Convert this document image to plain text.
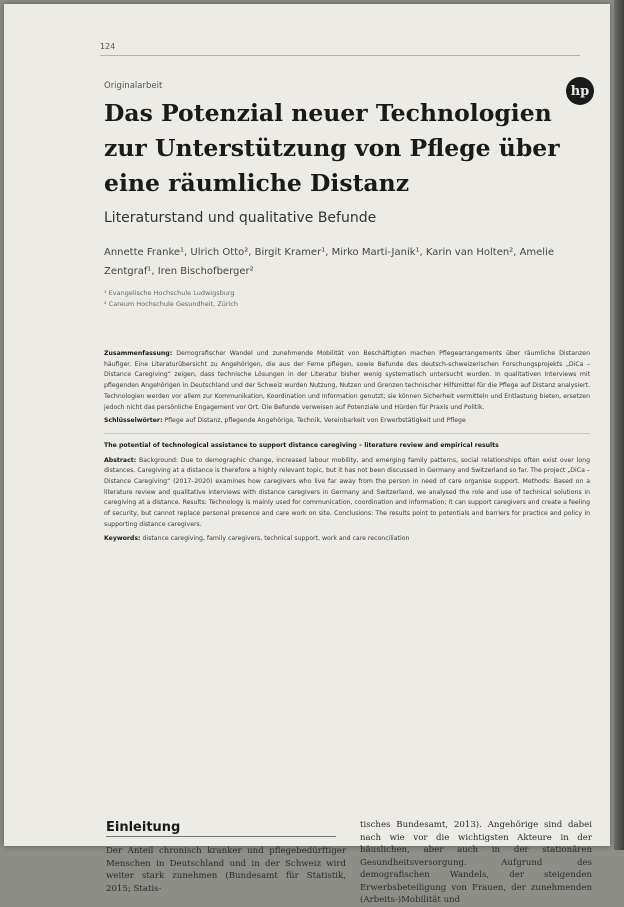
124
Originalarbeit	hp
Das Potenzial neuer Technologien zur Unterstützung von Pflege über eine räumliche Distanz
Literaturstand und qualitative Befunde
Annette Franke¹, Ulrich Otto², Birgit Kramer¹, Mirko Marti-Janik¹, Karin van Holten², Amelie Zentgraf¹, Iren Bischofberger²
¹ Evangelische Hochschule Ludwigsburg
² Careum Hochschule Gesundheit, Zürich

Zusammenfassung: Demografischer Wandel und zunehmende Mobilität von Beschäftigten machen Pflegearrangements über räumliche Distanzen häufiger. Eine Literaturübersicht zu Angehörigen, die aus der Ferne pflegen, sowie Befunde des deutsch-schweizerischen Forschungsprojekts „DiCa – Distance Caregiving“ zeigen, dass technische Lösungen in der Literatur bisher wenig systematisch untersucht wurden. In qualitativen Interviews mit pflegenden Angehörigen in Deutschland und der Schweiz wurden Nutzung, Nutzen und Grenzen technischer Hilfsmittel für die Pflege auf Distanz analysiert. Technologien werden vor allem zur Kommunikation, Koordination und Information genutzt; sie können Sicherheit vermitteln und Entlastung bieten, ersetzen jedoch nicht das persönliche Engagement vor Ort. Die Befunde verweisen auf Potenziale und Hürden für Praxis und Politik.

Schlüsselwörter: Pflege auf Distanz, pflegende Angehörige, Technik, Vereinbarkeit von Erwerbstätigkeit und Pflege

The potential of technological assistance to support distance caregiving – literature review and empirical results

Abstract: Background: Due to demographic change, increased labour mobility, and emerging family patterns, social relationships often exist over long distances. Caregiving at a distance is therefore a highly relevant topic, but it has not been discussed in Germany and Switzerland so far. The project „DiCa – Distance Caregiving“ (2017–2020) examines how caregivers who live far away from the person in need of care organise support. Methods: Based on a literature review and qualitative interviews with distance caregivers in Germany and Switzerland, we analysed the role and use of technical solutions in caregiving at a distance. Results: Technology is mainly used for communication, coordination and information; it can support caregivers and create a feeling of security, but cannot replace personal presence and care work on site. Conclusions: The results point to potentials and barriers for practice and policy in supporting distance caregivers.

Keywords: distance caregiving, family caregivers, technical support, work and care reconciliation

Einleitung
Der Anteil chronisch kranker und pflegebedürftiger Menschen in Deutschland und in der Schweiz wird weiter stark zunehmen (Bundesamt für Statistik, 2015; Statis-
tisches Bundesamt, 2013). Angehörige sind dabei nach wie vor die wichtigsten Akteure in der häuslichen, aber auch in der stationären Gesundheitsversorgung. Aufgrund des demografischen Wandels, der steigenden Erwerbsbeteiligung von Frauen, der zunehmenden (Arbeits-)Mobilität und
